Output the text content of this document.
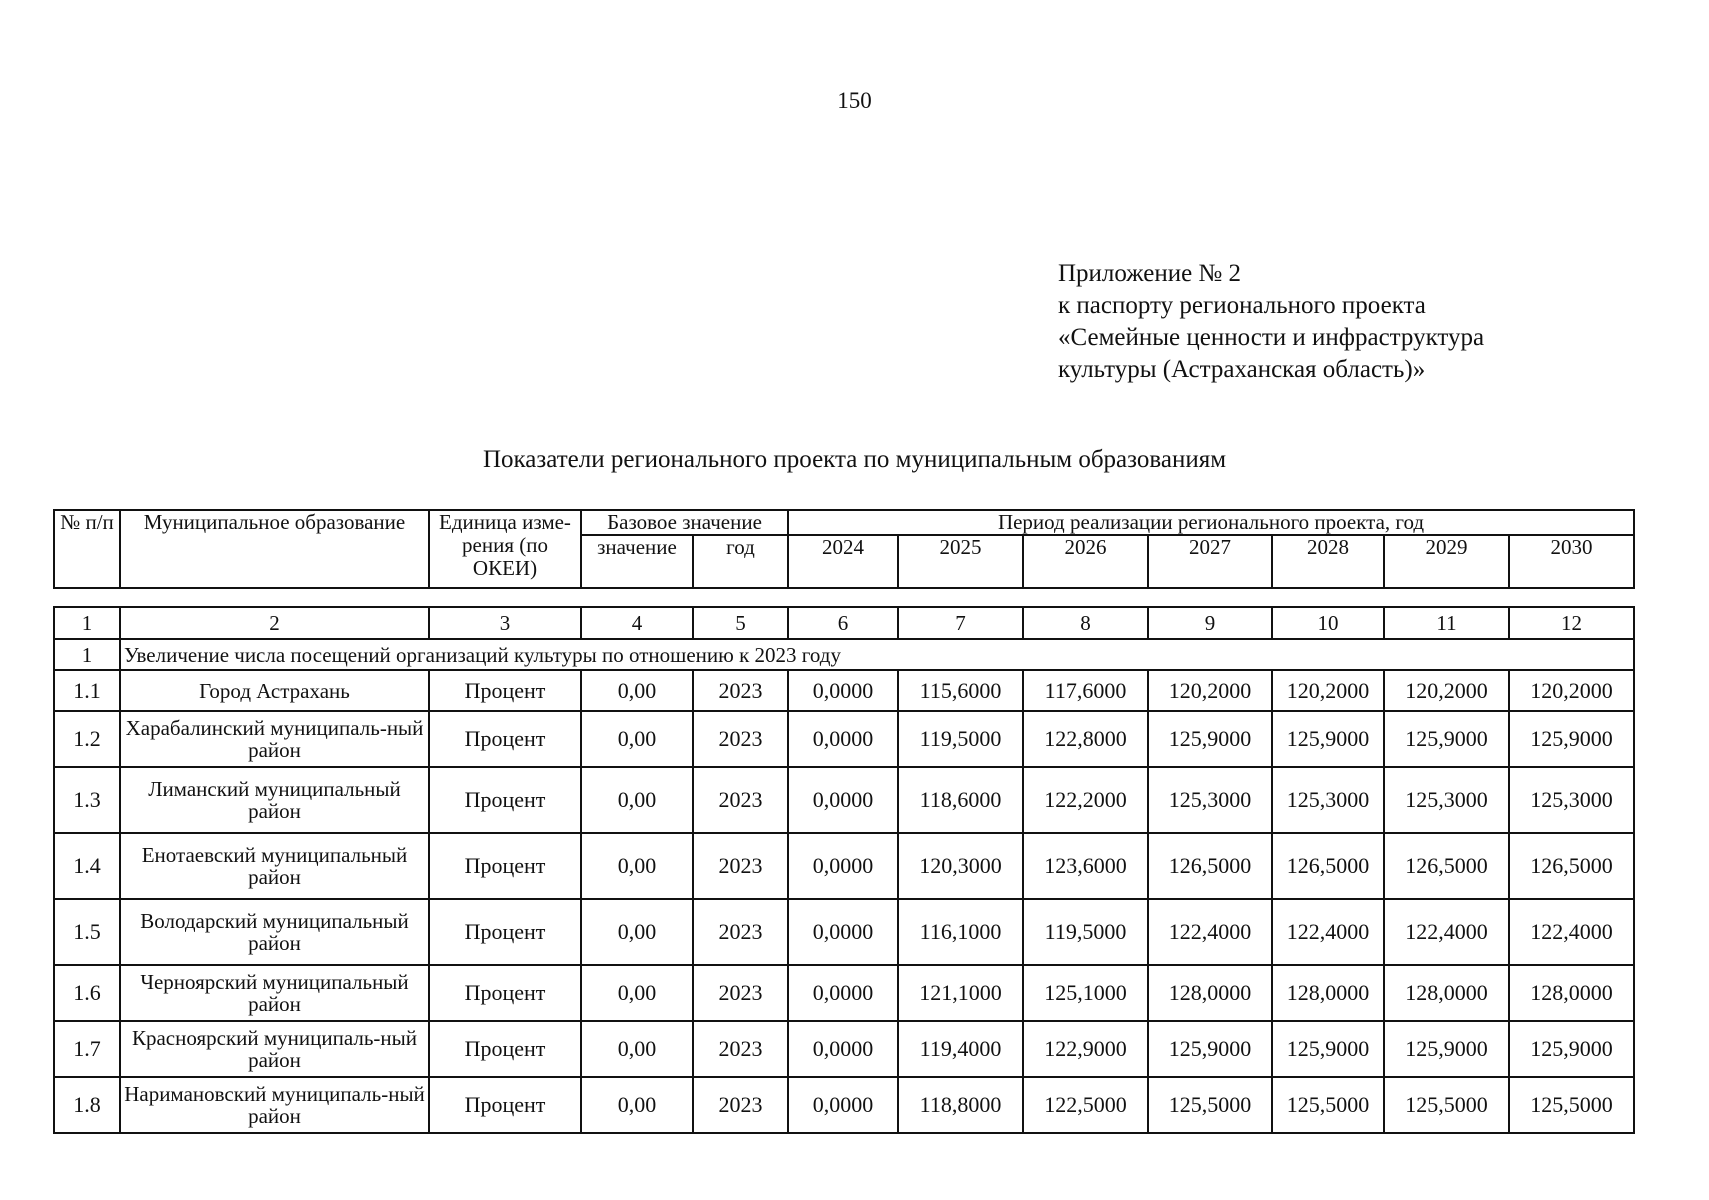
150
Приложение № 2
к паспорту регионального проекта
«Семейные ценности и инфраструктура
культуры (Астраханская область)»
Показатели регионального проекта по муниципальным образованиям
№ п/п	Муниципальное образование	Единица изме-рения (по ОКЕИ)	Базовое значение		Период реализации регионального проекта, год						
			значение	год	2024	2025	2026	2027	2028	2029	2030
1	2	3	4	5	6	7	8	9	10	11	12
1	Увеличение числа посещений организаций культуры по отношению к 2023 году										
1.1	Город Астрахань	Процент	0,00	2023	0,0000	115,6000	117,6000	120,2000	120,2000	120,2000	120,2000
1.2	Харабалинский муниципаль-ный район	Процент	0,00	2023	0,0000	119,5000	122,8000	125,9000	125,9000	125,9000	125,9000
1.3	Лиманский муниципальный район	Процент	0,00	2023	0,0000	118,6000	122,2000	125,3000	125,3000	125,3000	125,3000
1.4	Енотаевский муниципальный район	Процент	0,00	2023	0,0000	120,3000	123,6000	126,5000	126,5000	126,5000	126,5000
1.5	Володарский муниципальный район	Процент	0,00	2023	0,0000	116,1000	119,5000	122,4000	122,4000	122,4000	122,4000
1.6	Черноярский муниципальный район	Процент	0,00	2023	0,0000	121,1000	125,1000	128,0000	128,0000	128,0000	128,0000
1.7	Красноярский муниципаль-ный район	Процент	0,00	2023	0,0000	119,4000	122,9000	125,9000	125,9000	125,9000	125,9000
1.8	Наримановский муниципаль-ный район	Процент	0,00	2023	0,0000	118,8000	122,5000	125,5000	125,5000	125,5000	125,5000
